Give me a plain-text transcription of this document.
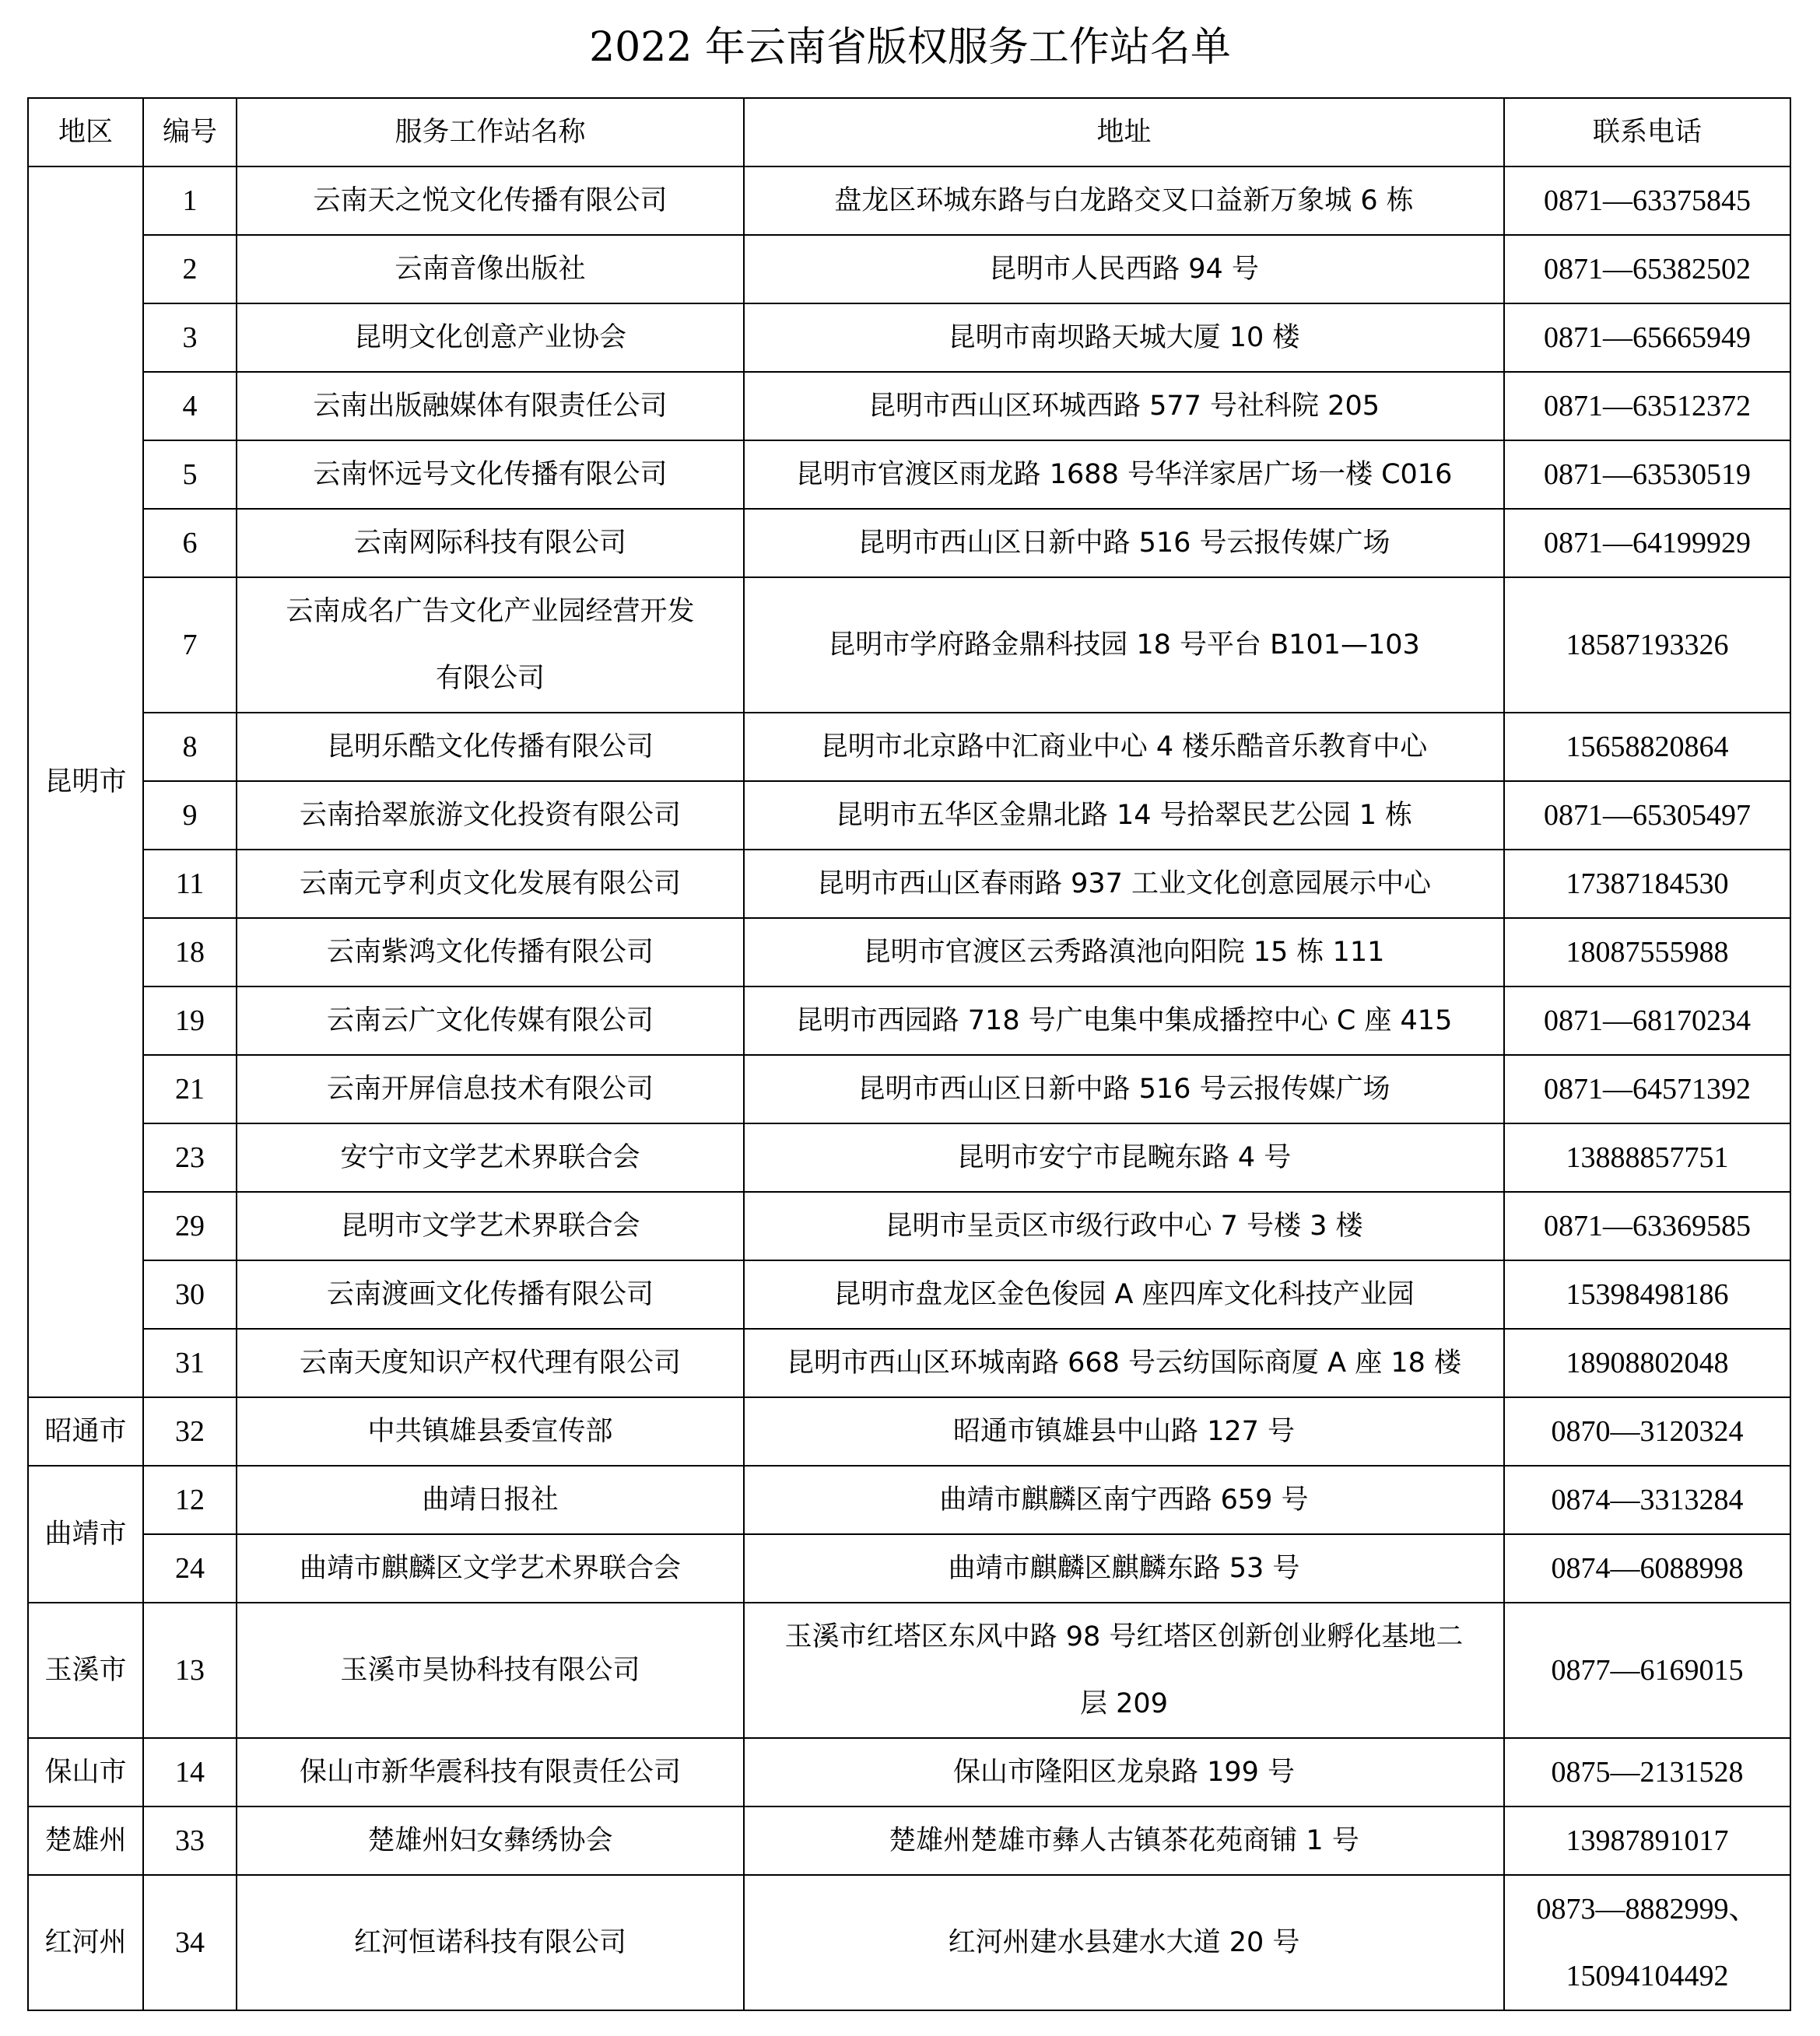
2022 年云南省版权服务工作站名单
地区	编号	服务工作站名称	地址	联系电话
昆明市	1	云南天之悦文化传播有限公司	盘龙区环城东路与白龙路交叉口益新万象城 6 栋	0871—63375845
	2	云南音像出版社	昆明市人民西路 94 号	0871—65382502
	3	昆明文化创意产业协会	昆明市南坝路天城大厦 10 楼	0871—65665949
	4	云南出版融媒体有限责任公司	昆明市西山区环城西路 577 号社科院 205	0871—63512372
	5	云南怀远号文化传播有限公司	昆明市官渡区雨龙路 1688 号华洋家居广场一楼 C016	0871—63530519
	6	云南网际科技有限公司	昆明市西山区日新中路 516 号云报传媒广场	0871—64199929
	7	云南成名广告文化产业园经营开发
有限公司	昆明市学府路金鼎科技园 18 号平台 B101—103	18587193326
	8	昆明乐酷文化传播有限公司	昆明市北京路中汇商业中心 4 楼乐酷音乐教育中心	15658820864
	9	云南拾翠旅游文化投资有限公司	昆明市五华区金鼎北路 14 号拾翠民艺公园 1 栋	0871—65305497
	11	云南元亨利贞文化发展有限公司	昆明市西山区春雨路 937 工业文化创意园展示中心	17387184530
	18	云南紫鸿文化传播有限公司	昆明市官渡区云秀路滇池向阳院 15 栋 111	18087555988
	19	云南云广文化传媒有限公司	昆明市西园路 718 号广电集中集成播控中心 C 座 415	0871—68170234
	21	云南开屏信息技术有限公司	昆明市西山区日新中路 516 号云报传媒广场	0871—64571392
	23	安宁市文学艺术界联合会	昆明市安宁市昆畹东路 4 号	13888857751
	29	昆明市文学艺术界联合会	昆明市呈贡区市级行政中心 7 号楼 3 楼	0871—63369585
	30	云南渡画文化传播有限公司	昆明市盘龙区金色俊园 A 座四库文化科技产业园	15398498186
	31	云南天度知识产权代理有限公司	昆明市西山区环城南路 668 号云纺国际商厦 A 座 18 楼	18908802048
昭通市	32	中共镇雄县委宣传部	昭通市镇雄县中山路 127 号	0870—3120324
曲靖市	12	曲靖日报社	曲靖市麒麟区南宁西路 659 号	0874—3313284
	24	曲靖市麒麟区文学艺术界联合会	曲靖市麒麟区麒麟东路 53 号	0874—6088998
玉溪市	13	玉溪市昊协科技有限公司	玉溪市红塔区东风中路 98 号红塔区创新创业孵化基地二
层 209	0877—6169015
保山市	14	保山市新华震科技有限责任公司	保山市隆阳区龙泉路 199 号	0875—2131528
楚雄州	33	楚雄州妇女彝绣协会	楚雄州楚雄市彝人古镇茶花苑商铺 1 号	13987891017
红河州	34	红河恒诺科技有限公司	红河州建水县建水大道 20 号	0873—8882999、
15094104492
